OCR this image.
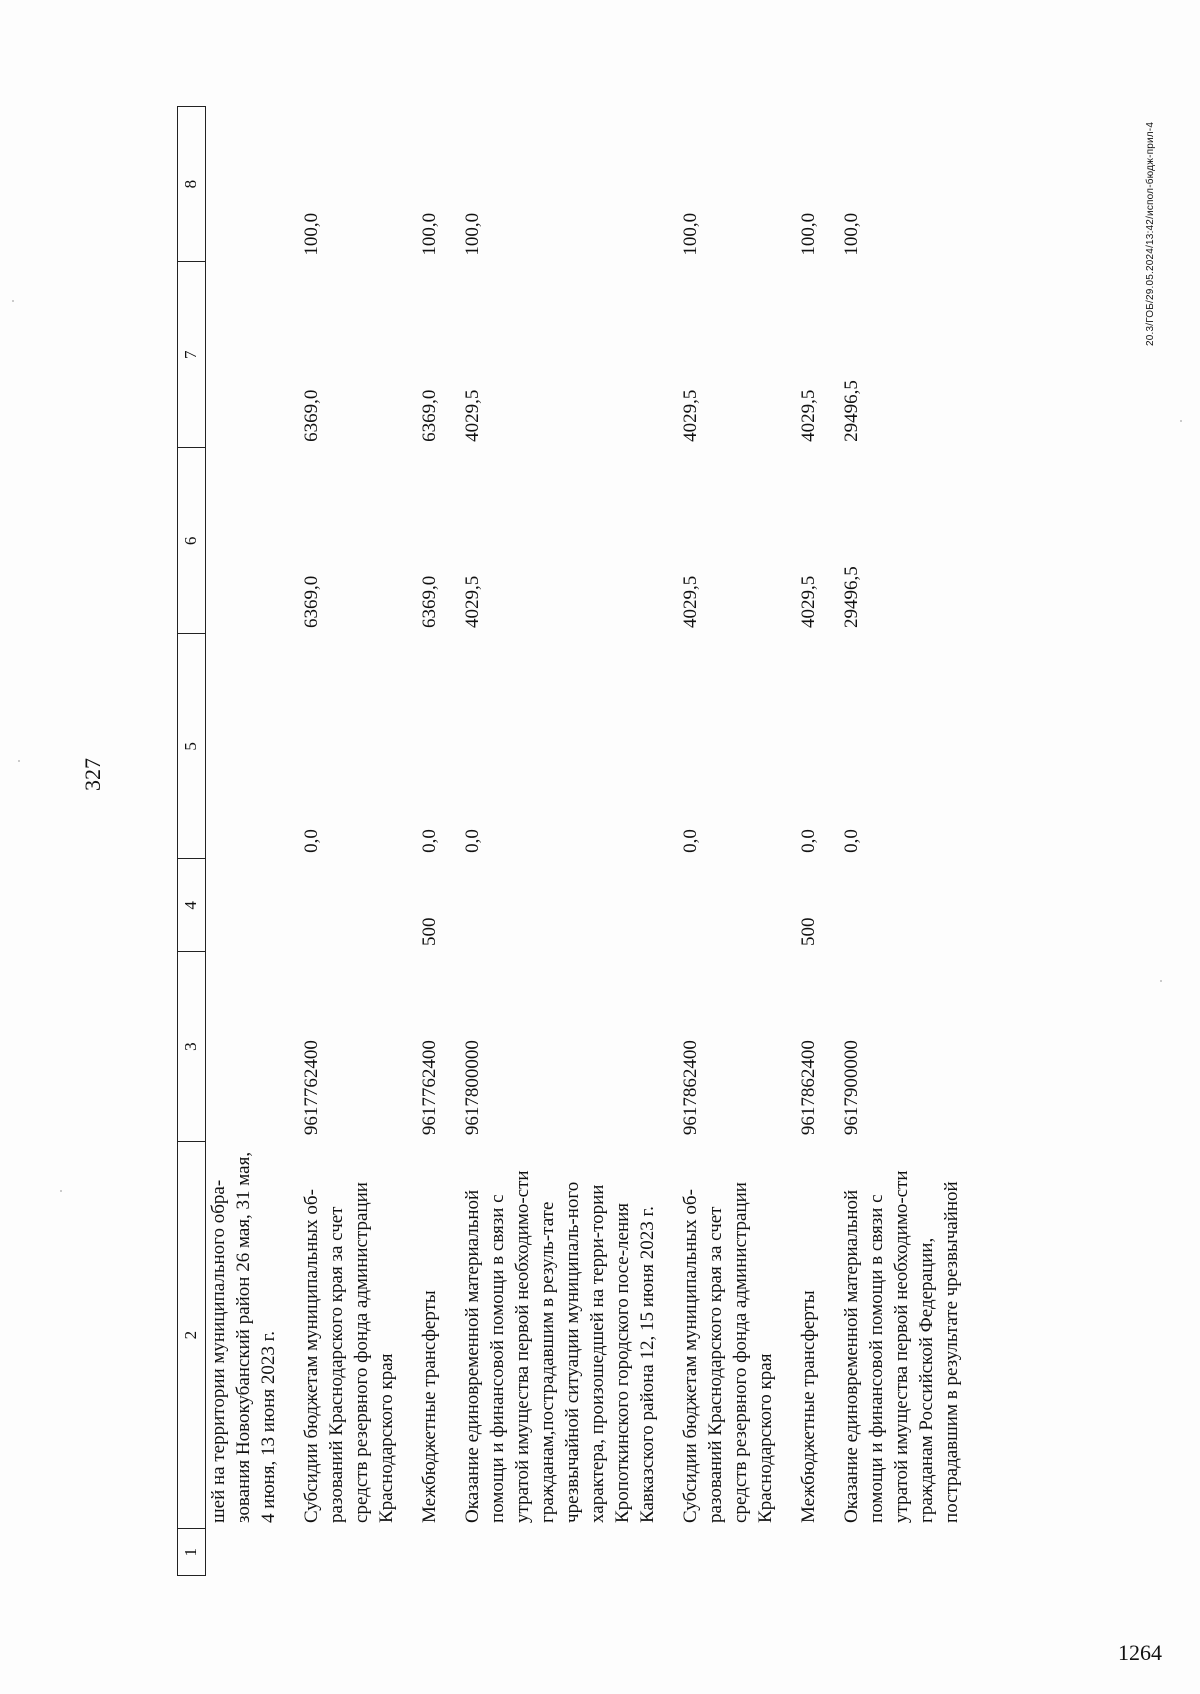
327
1	2	3	4	5	6	7	8
	шей на территории муниципального обра-зования Новокубанский район 26 мая, 31 мая, 4 июня, 13 июня 2023 г.						

	Субсидии бюджетам муниципальных об-разований Краснодарского края за счет средств резервного фонда администрации Краснодарского края	9617762400		0,0	6369,0	6369,0	100,0

	Межбюджетные трансферты	9617762400	500	0,0	6369,0	6369,0	100,0

	Оказание единовременной материальной помощи и финансовой помощи в связи с утратой имущества первой необходимо-сти гражданам,пострадавшим в резуль-тате чрезвычайной ситуации муниципаль-ного характера, произошедшей на терри-тории Кропоткинского городского посе-ления Кавказского района 12, 15 июня 2023 г.	9617800000		0,0	4029,5	4029,5	100,0

	Субсидии бюджетам муниципальных об-разований Краснодарского края за счет средств резервного фонда администрации Краснодарского края	9617862400		0,0	4029,5	4029,5	100,0

	Межбюджетные трансферты	9617862400	500	0,0	4029,5	4029,5	100,0

	Оказание единовременной материальной помощи и финансовой помощи в связи с утратой имущества первой необходимо-сти гражданам Российской Федерации, пострадавшим в результате чрезвычайной	9617900000		0,0	29496,5	29496,5	100,0	20.3/ГОБ/29.05.2024/13:42/испол-бюдж-прил-4
1264
